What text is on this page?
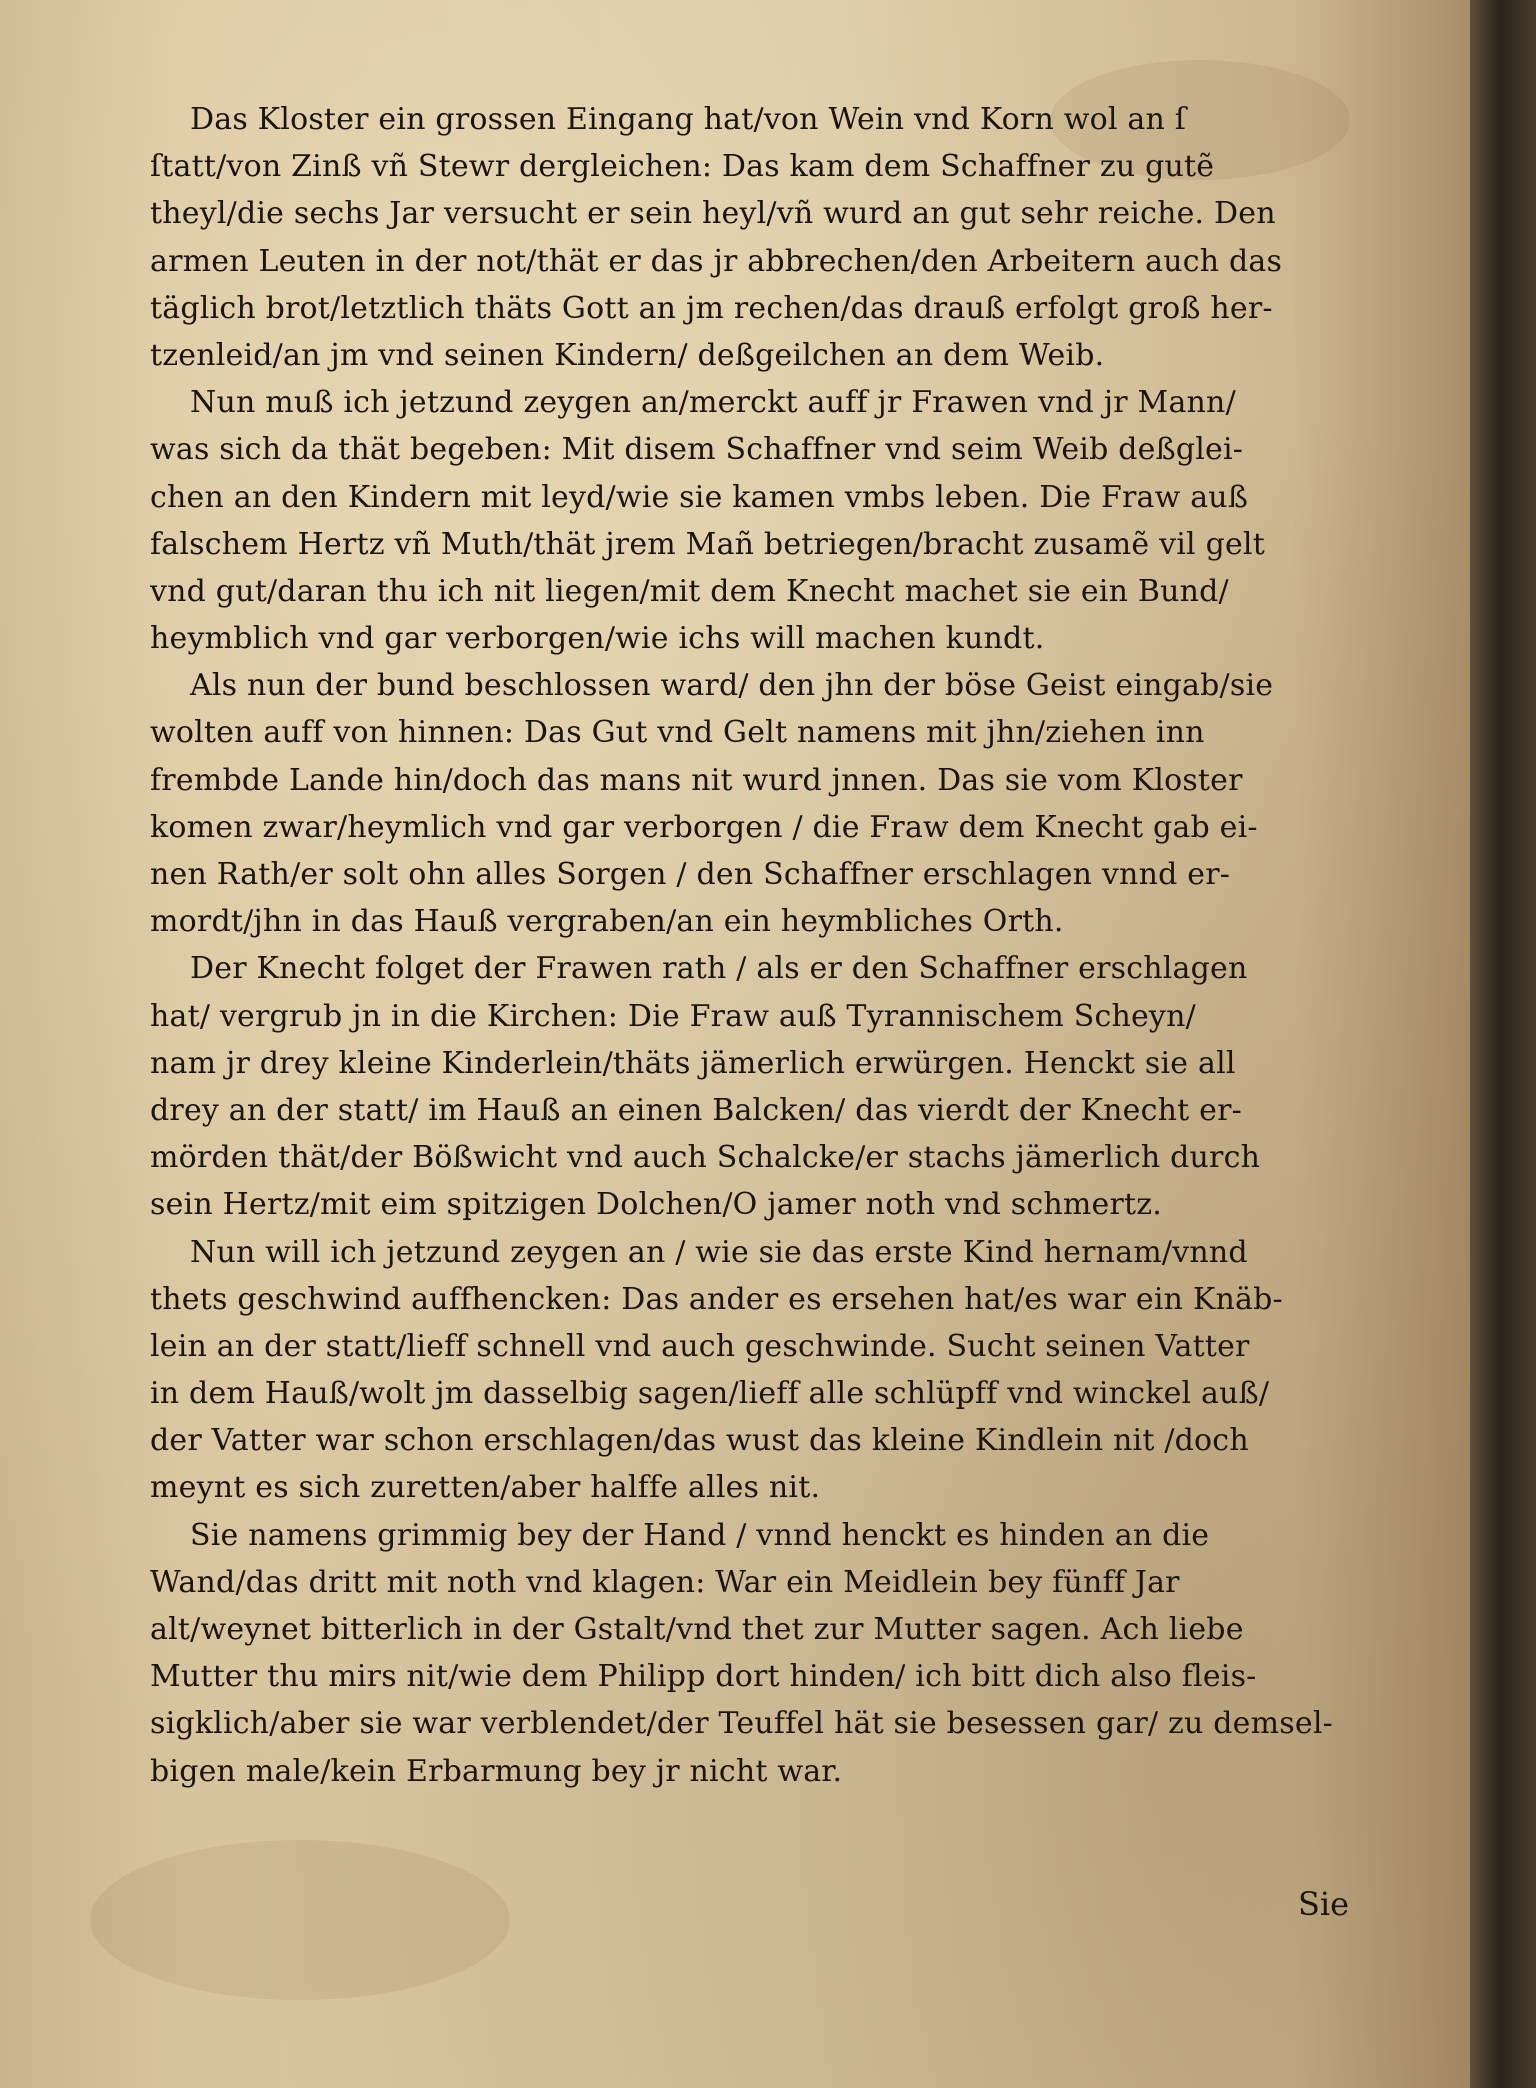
Das Kloster ein grossen Eingang hat/von Wein vnd Korn wol an ſ
ſtatt/von Zinß vñ Stewr dergleichen: Das kam dem Schaffner zu gutẽ
theyl/die sechs Jar versucht er sein heyl/vñ wurd an gut sehr reiche. Den
armen Leuten in der not/thät er das jr abbrechen/den Arbeitern auch das
täglich brot/letztlich thäts Gott an jm rechen/das drauß erfolgt groß her-
tzenleid/an jm vnd seinen Kindern/ deßgeilchen an dem Weib.

Nun muß ich jetzund zeygen an/merckt auff jr Frawen vnd jr Mann/
was sich da thät begeben: Mit disem Schaffner vnd seim Weib deßglei-
chen an den Kindern mit leyd/wie sie kamen vmbs leben. Die Fraw auß
falschem Hertz vñ Muth/thät jrem Mañ betriegen/bracht zusamẽ vil gelt
vnd gut/daran thu ich nit liegen/mit dem Knecht machet sie ein Bund/
heymblich vnd gar verborgen/wie ichs will machen kundt.

Als nun der bund beschlossen ward/ den jhn der böse Geist eingab/sie
wolten auff von hinnen: Das Gut vnd Gelt namens mit jhn/ziehen inn
frembde Lande hin/doch das mans nit wurd jnnen. Das sie vom Kloster
komen zwar/heymlich vnd gar verborgen / die Fraw dem Knecht gab ei-
nen Rath/er solt ohn alles Sorgen / den Schaffner erschlagen vnnd er-
mordt/jhn in das Hauß vergraben/an ein heymbliches Orth.

Der Knecht folget der Frawen rath / als er den Schaffner erschlagen
hat/ vergrub jn in die Kirchen: Die Fraw auß Tyrannischem Scheyn/
nam jr drey kleine Kinderlein/thäts jämerlich erwürgen. Henckt sie all
drey an der statt/ im Hauß an einen Balcken/ das vierdt der Knecht er-
mörden thät/der Bößwicht vnd auch Schalcke/er stachs jämerlich durch
sein Hertz/mit eim spitzigen Dolchen/O jamer noth vnd schmertz.

Nun will ich jetzund zeygen an / wie sie das erste Kind hernam/vnnd
thets geschwind auffhencken: Das ander es ersehen hat/es war ein Knäb-
lein an der statt/lieff schnell vnd auch geschwinde. Sucht seinen Vatter
in dem Hauß/wolt jm dasselbig sagen/lieff alle schlüpff vnd winckel auß/
der Vatter war schon erschlagen/das wust das kleine Kindlein nit /doch
meynt es sich zuretten/aber halffe alles nit.

Sie namens grimmig bey der Hand / vnnd henckt es hinden an die
Wand/das dritt mit noth vnd klagen: War ein Meidlein bey fünff Jar
alt/weynet bitterlich in der Gstalt/vnd thet zur Mutter sagen. Ach liebe
Mutter thu mirs nit/wie dem Philipp dort hinden/ ich bitt dich also fleis-
sigklich/aber sie war verblendet/der Teuffel hät sie besessen gar/ zu demsel-
bigen male/kein Erbarmung bey jr nicht war.

Sie
